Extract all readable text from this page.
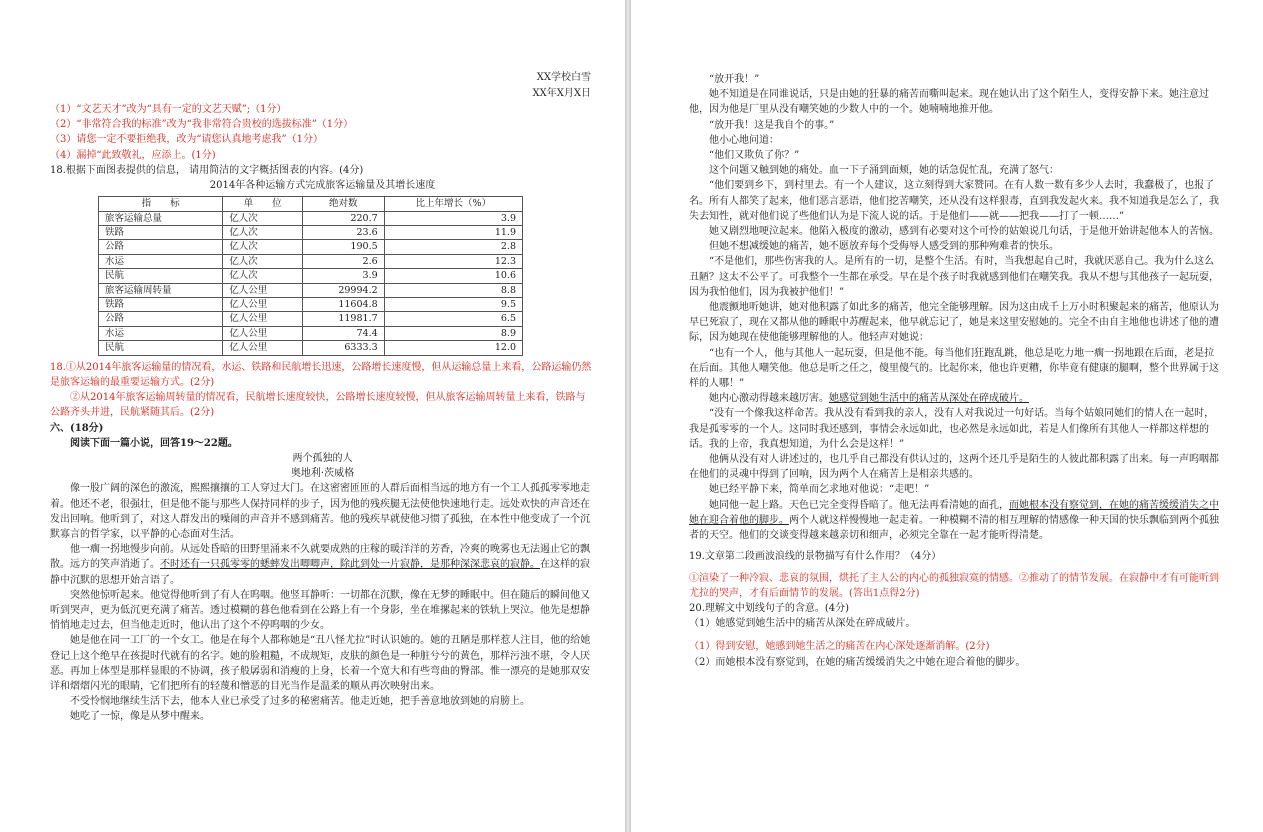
XX学校白雪
XX年X月X日

（1）“文艺天才”改为“具有一定的文艺天赋”;（1分）

（2）“非常符合我的标准”改为“我非常符合贵校的选拔标准”（1分）

（3）请您一定不要拒绝我，改为“请您认真地考虑我”（1分）

（4）漏掉“此致敬礼，应添上。(1分)

18.根据下面图表提供的信息， 请用简洁的文字概括图表的内容。(4分)

2014年各种运输方式完成旅客运输量及其增长速度
指　　标	单　　位	绝对数	比上年增长（%）
旅客运输总量	亿人次	220.7	3.9
铁路	亿人次	23.6	11.9
公路	亿人次	190.5	2.8
水运	亿人次	2.6	12.3
民航	亿人次	3.9	10.6
旅客运输周转量	亿人公里	29994.2	8.8
铁路	亿人公里	11604.8	9.5
公路	亿人公里	11981.7	6.5
水运	亿人公里	74.4	8.9
民航	亿人公里	6333.3	12.0

18.①从2014年旅客运输量的情况看，水运、铁路和民航增长迅速，公路增长速度慢，但从运输总量上来看，公路运输仍然是旅客运输的最重要运输方式。(2分)

②从2014年旅客运输周转量的情况看，民航增长速度较快，公路增长速度较慢，但从旅客运输周转量上来看，铁路与公路齐头并进，民航紧随其后。(2分)

六、(18分)

阅读下面一篇小说，回答19～22题。

两个孤独的人

奥地利·茨威格

像一股广阔的深色的激流，熙熙攘攘的工人穿过大门。在这密密匝匝的人群后面相当远的地方有一个工人孤孤零零地走着。他还不老，很强壮，但是他不能与那些人保持同样的步子，因为他的残疾腿无法使他快速地行走。远处欢快的声音还在发出回响。他听到了，对这人群发出的噪闹的声音并不感到痛苦。他的残疾早就使他习惯了孤独，在本性中他变成了一个沉默寡言的哲学家，以平静的心态面对生活。

他一瘸一拐地慢步向前。从远处昏暗的田野里涌来不久就要成熟的庄稼的暖洋洋的芳香，冷爽的晚雾也无法遏止它的飘散。远方的笑声消逝了。不时还有一只孤零零的蟋蟀发出唧唧声，除此到处一片寂静，是那种深深悲哀的寂静。在这样的寂静中沉默的思想开始言语了。

突然他惊听起来。他觉得他听到了有人在呜咽。他竖耳静听：一切都在沉默，像在无梦的睡眠中。但在随后的瞬间他又听到哭声，更为低沉更充满了痛苦。透过模糊的暮色他看到在公路上有一个身影，坐在堆摞起来的铁轨上哭泣。他先是想静悄悄地走过去，但当他走近时，他认出了这个不停呜咽的少女。

她是他在同一工厂的一个女工。他是在每个人都称她是“丑八怪尤拉”时认识她的。她的丑陋是那样惹人注目，他的给她登记上这个绝早在孩提时代就有的名字。她的脸粗糙，不成规矩，皮肤的颜色是一种脏兮兮的黄色，那样污浊不堪，令人厌恶。再加上体型是那样显眼的不协调，孩子般孱弱和消瘦的上身，长着一个宽大和有些弯曲的臀部。惟一漂亮的是她那双安详和熠熠闪光的眼睛，它们把所有的轻蔑和憎恶的目光当作是温柔的顺从再次映射出来。

不受怜悯地继续生活下去，他本人业已承受了过多的秘密痛苦。他走近她，把手善意地放到她的肩膀上。

她吃了一惊，像是从梦中醒来。

“放开我！”

她不知道是在同谁说话，只是由她的狂暴的痛苦而嘶叫起来。现在她认出了这个陌生人，变得安静下来。她注意过他，因为他是厂里从没有嘲笑她的少数人中的一个。她喃喃地推开他。

“放开我！这是我自个的事。”

他小心地问道：

“他们又欺负了你？”

这个问题又触到她的痛处。血一下子涌到面颊，她的话急促忙乱，充满了怒气：

“他们要到乡下，到村里去。有一个人建议，这立刻得到大家赞同。在有人数一数有多少人去时，我蠢极了，也报了名。所有人都笑了起来，他们恶言恶语，他们挖苦嘲笑，还从没有这样狠毒，直到我发起火来。我不知道我是怎么了，我失去知性，就对他们说了些他们认为是下流人说的话。于是他们——就——把我——打了一顿……”

她又剧烈地哽泣起来。他陷入极度的激动，感到有必要对这个可怜的姑娘说几句话，于是他开始讲起他本人的苦恼。

但她不想减缓她的痛苦，她不愿放弃每个受侮辱人感受到的那种殉难者的快乐。

“不是他们，那些伤害我的人。是所有的一切，是整个生活。有时，当我想起自己时，我就厌恶自己。我为什么这么丑陋？这太不公平了。可我整个一生都在承受。早在是个孩子时我就感到他们在嘲笑我。我从不想与其他孩子一起玩耍，因为我怕他们，因为我被护他们！”

他震颤地听她讲，她对他积露了如此多的痛苦，他完全能够理解。因为这由成千上万小时积聚起来的痛苦，他原认为早已死寂了，现在又都从他的睡眠中苏醒起来，他早就忘记了，她是来这里安慰她的。完全不由自主地他也讲述了他的遭际，因为她现在使他能够理解他的人。他轻声对她说：

“也有一个人，他与其他人一起玩耍，但是他不能。每当他们狂跑乱跳，他总是吃力地一瘸一拐地跟在后面，老是拉在后面。其他人嘲笑他。他总是听之任之，傻里傻气的。比起你来，他也许更糟，你毕竟有健康的腿啊，整个世界属于这样的人哪！”

她内心激动得越来越厉害。她感觉到她生活中的痛苦从深处在碎成破片。

“没有一个像我这样命苦。我从没有看到我的亲人，没有人对我说过一句好话。当每个姑娘同她们的情人在一起时，我是孤零零的一个人。这同时我还感到，事情会永远如此，也必然是永远如此，若是人们像所有其他人一样都这样想的话。我的上帝，我真想知道，为什么会是这样！”

他俩从没有对人讲述过的，也几乎自己都没有供认过的，这两个还几乎是陌生的人彼此都积露了出来。每一声呜咽都在他们的灵魂中得到了回响，因为两个人在痛苦上是相亲共感的。

她已经平静下来，简单而乞求地对他说：“走吧！”

她同他一起上路。天色已完全变得昏暗了。他无法再看清她的面孔，而她根本没有察觉到，在她的痛苦缓缓消失之中她在迎合着他的脚步。两个人就这样慢慢地一起走着。一种模糊不清的相互理解的情感像一种天国的快乐飘临到两个孤独者的天空。他们的交谈变得越来越亲切和细声，必须完全靠在一起才能听得清楚。

19.文章第二段画波浪线的景物描写有什么作用？（4分）

①渲染了一种冷寂、悲哀的氛围，烘托了主人公的内心的孤独寂寞的情感。②推动了的情节发展。在寂静中才有可能听到尤拉的哭声，才有后面情节的发展。(答出1点得2分)

20.理解文中划线句子的含意。(4分)

（1）她感觉到她生活中的痛苦从深处在碎成破片。

（1）得到安慰，她感到她生活之的痛苦在内心深处逐渐消解。(2分)

（2）而她根本没有察觉到，在她的痛苦缓缓消失之中她在迎合着他的脚步。
